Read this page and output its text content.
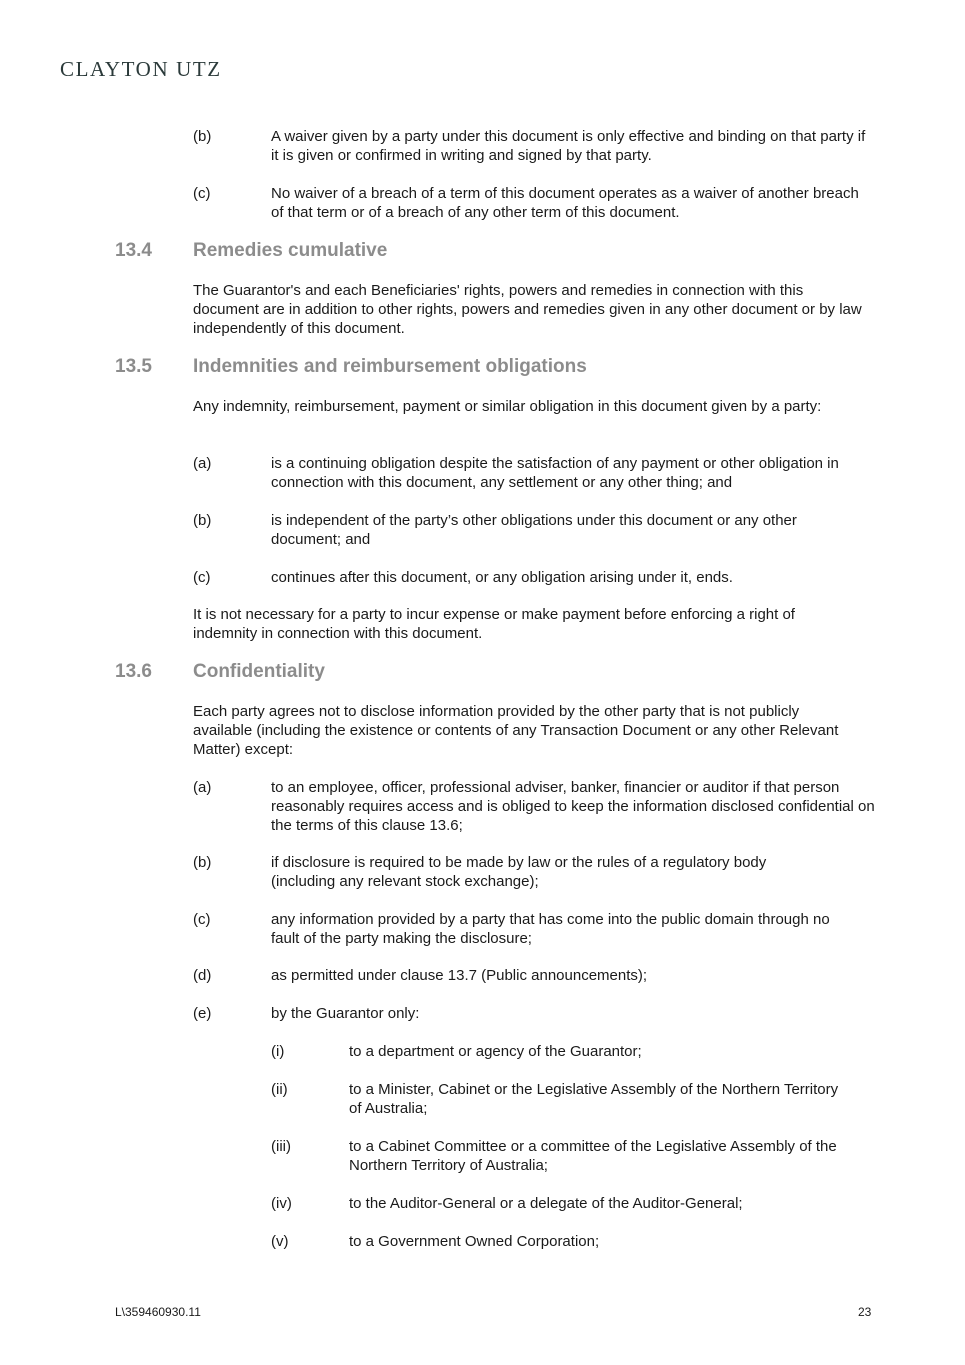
CLAYTON UTZ
(b)	A waiver given by a party under this document is only effective and binding on that party if it is given or confirmed in writing and signed by that party.
(c)	No waiver of a breach of a term of this document operates as a waiver of another breach of that term or of a breach of any other term of this document.
13.4 Remedies cumulative
The Guarantor's and each Beneficiaries' rights, powers and remedies in connection with this document are in addition to other rights, powers and remedies given in any other document or by law independently of this document.
13.5 Indemnities and reimbursement obligations
Any indemnity, reimbursement, payment or similar obligation in this document given by a party:
(a)	is a continuing obligation despite the satisfaction of any payment or other obligation in connection with this document, any settlement or any other thing; and
(b)	is independent of the party’s other obligations under this document or any other document; and
(c)	continues after this document, or any obligation arising under it, ends.
It is not necessary for a party to incur expense or make payment before enforcing a right of indemnity in connection with this document.
13.6 Confidentiality
Each party agrees not to disclose information provided by the other party that is not publicly available (including the existence or contents of any Transaction Document or any other Relevant Matter) except:
(a)	to an employee, officer, professional adviser, banker, financier or auditor if that person reasonably requires access and is obliged to keep the information disclosed confidential on the terms of this clause 13.6;
(b)	if disclosure is required to be made by law or the rules of a regulatory body (including any relevant stock exchange);
(c)	any information provided by a party that has come into the public domain through no fault of the party making the disclosure;
(d)	as permitted under clause 13.7 (Public announcements);
(e)	by the Guarantor only:
(i)	to a department or agency of the Guarantor;
(ii)	to a Minister, Cabinet or the Legislative Assembly of the Northern Territory of Australia;
(iii)	to a Cabinet Committee or a committee of the Legislative Assembly of the Northern Territory of Australia;
(iv)	to the Auditor-General or a delegate of the Auditor-General;
(v)	to a Government Owned Corporation;
L\359460930.11	23
